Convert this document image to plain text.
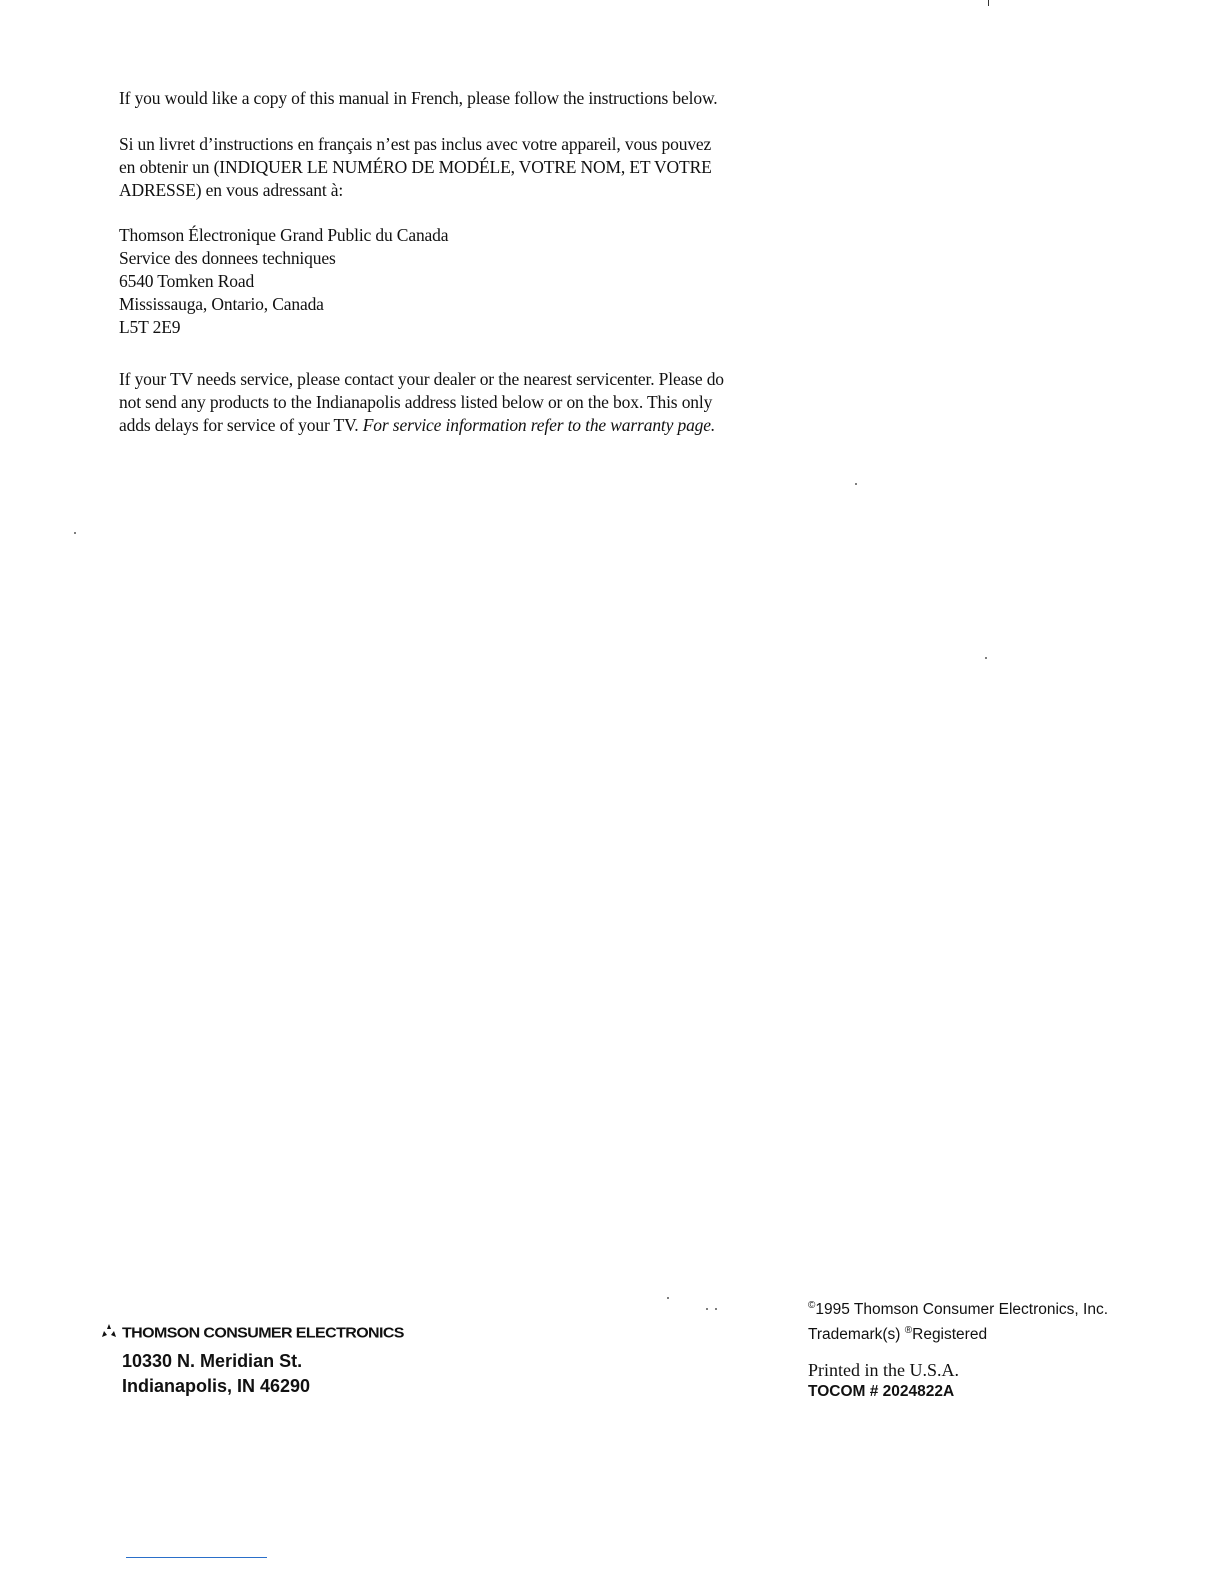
If you would like a copy of this manual in French, please follow the instructions below.

Si un livret d’instructions en français n’est pas inclus avec votre appareil, vous pouvez
en obtenir un (INDIQUER LE NUMÉRO DE MODÉLE, VOTRE NOM, ET VOTRE
ADRESSE) en vous adressant à:

Thomson Électronique Grand Public du Canada
Service des donnees techniques
6540 Tomken Road
Mississauga, Ontario, Canada
L5T 2E9

If your TV needs service, please contact your dealer or the nearest servicenter. Please do
not send any products to the Indianapolis address listed below or on the box. This only
adds delays for service of your TV. For service information refer to the warranty page.

THOMSON CONSUMER ELECTRONICS
10330 N. Meridian St.
Indianapolis, IN 46290
©1995 Thomson Consumer Electronics, Inc.
Trademark(s) ®Registered
Printed in the U.S.A.
TOCOM # 2024822A
